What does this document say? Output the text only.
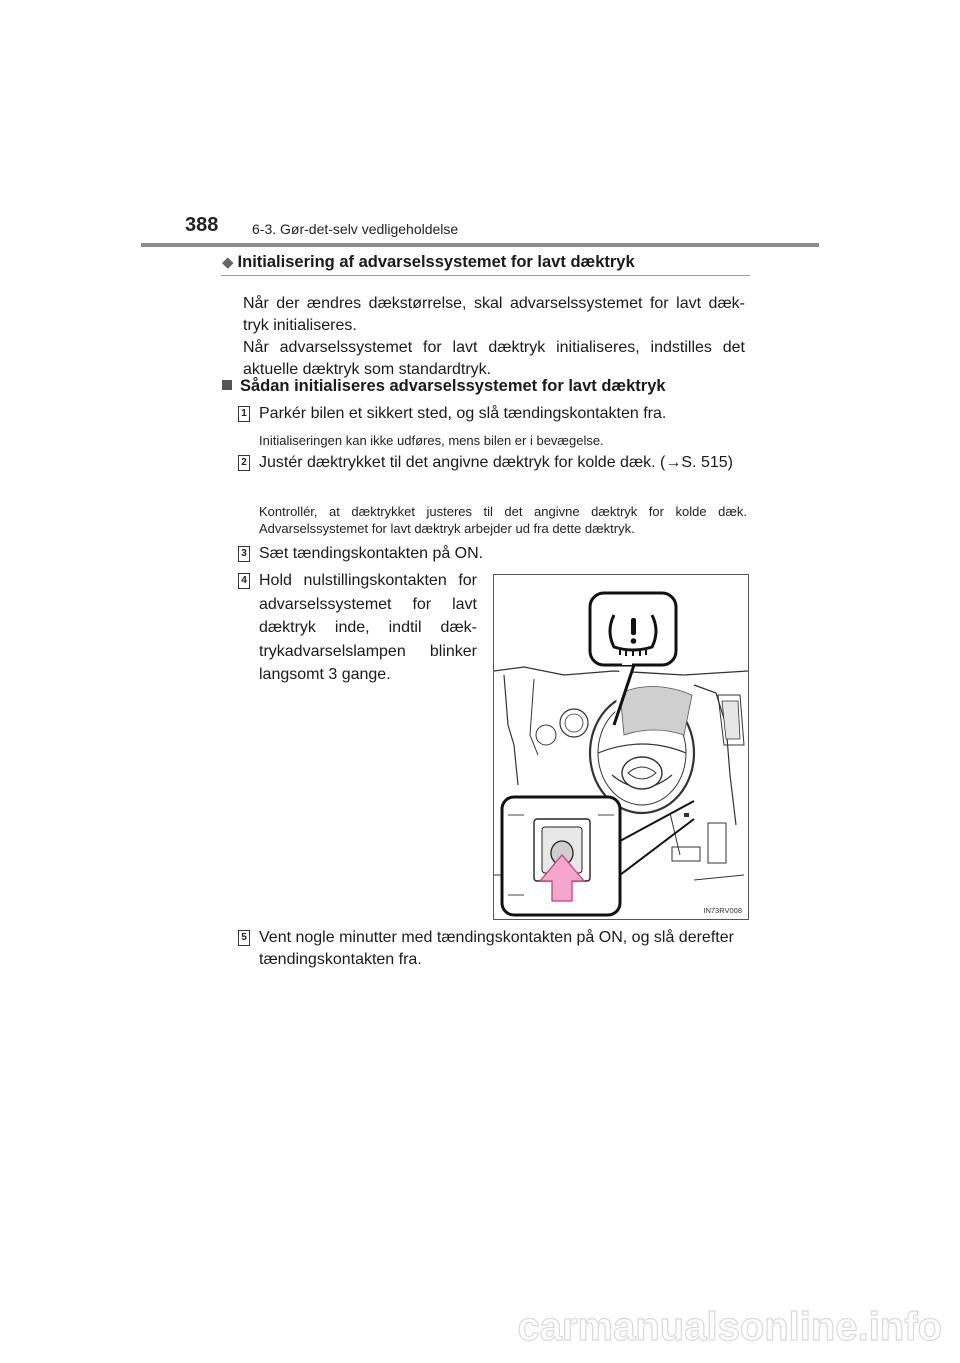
388 6-3. Gør-det-selv vedligeholdelse
◆ Initialisering af advarselssystemet for lavt dæktryk

Når der ændres dækstørrelse, skal advarselssystemet for lavt dæk-tryk initialiseres.

Når advarselssystemet for lavt dæktryk initialiseres, indstilles det aktuelle dæktryk som standardtryk.

Sådan initialiseres advarselssystemet for lavt dæktryk
1 Parkér bilen et sikkert sted, og slå tændingskontakten fra.
Initialiseringen kan ikke udføres, mens bilen er i bevægelse.
2 Justér dæktrykket til det angivne dæktryk for kolde dæk. (→S. 515)
Kontrollér, at dæktrykket justeres til det angivne dæktryk for kolde dæk. Advarselssystemet for lavt dæktryk arbejder ud fra dette dæktryk.
3 Sæt tændingskontakten på ON.
4 Hold nulstillingskontakten for advarselssystemet for lavt dæktryk inde, indtil dæk-trykadvarselslampen blinker langsomt 3 gange.
IN73RV008
5 Vent nogle minutter med tændingskontakten på ON, og slå derefter tændingskontakten fra.
carmanualsonline.info
